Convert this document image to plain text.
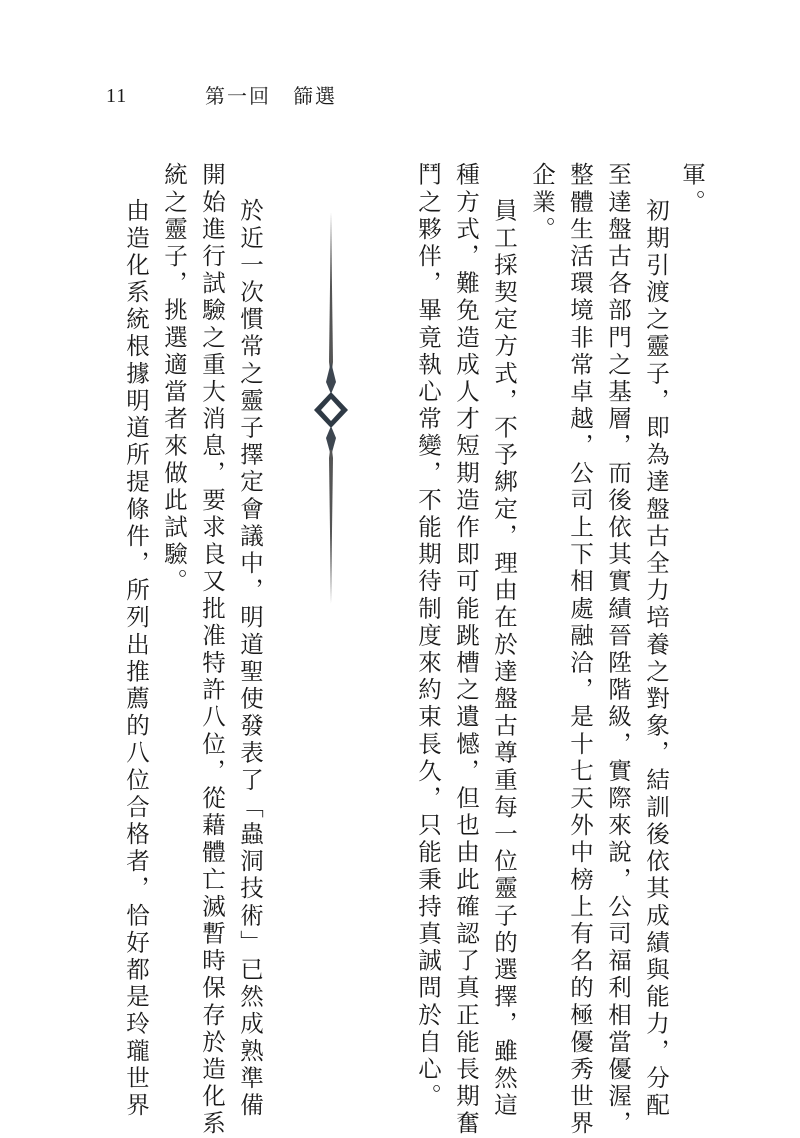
11	第一回　篩選
軍。
初期引渡之靈子，即為達盤古全力培養之對象，結訓後依其成績與能力，分配
至達盤古各部門之基層，而後依其實績晉陞階級，實際來說，公司福利相當優渥，
整體生活環境非常卓越，公司上下相處融洽，是十七天外中榜上有名的極優秀世界
企業。
員工採契定方式，不予綁定，理由在於達盤古尊重每一位靈子的選擇，雖然這
種方式，難免造成人才短期造作即可能跳槽之遺憾，但也由此確認了真正能長期奮
鬥之夥伴，畢竟執心常變，不能期待制度來約束長久，只能秉持真誠問於自心。
於近一次慣常之靈子擇定會議中，明道聖使發表了「蟲洞技術」已然成熟準備
開始進行試驗之重大消息，要求良又批准特許八位，從藉體亡滅暫時保存於造化系
統之靈子，挑選適當者來做此試驗。
由造化系統根據明道所提條件，所列出推薦的八位合格者，恰好都是玲瓏世界
